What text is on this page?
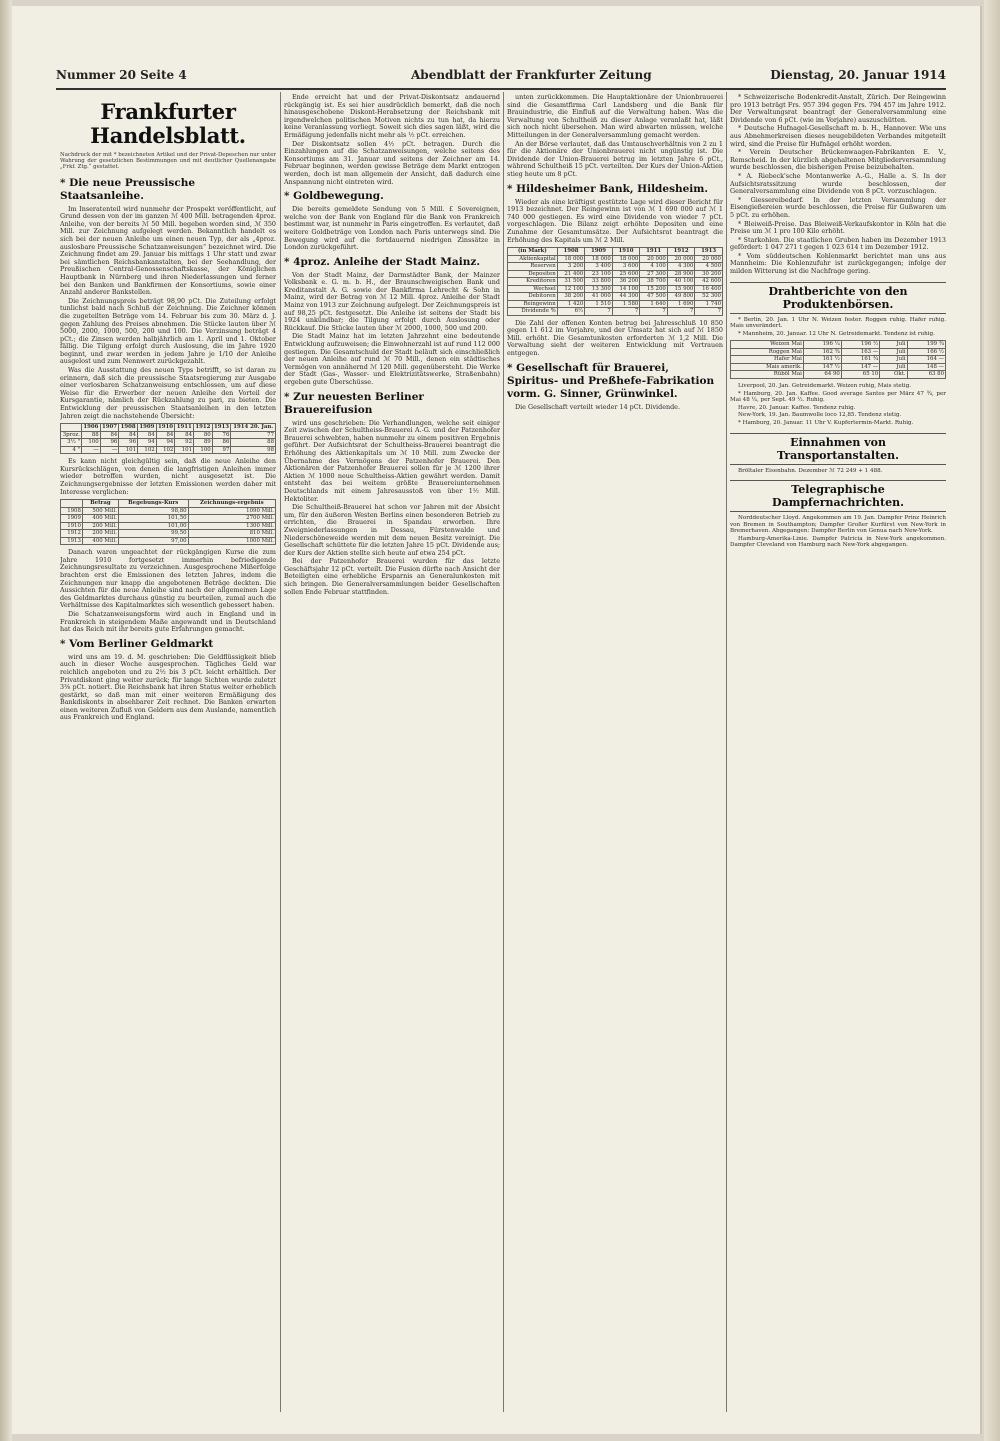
Nummer 20 Seite 4	Abendblatt der Frankfurter Zeitung	Dienstag, 20. Januar 1914
Frankfurter Handelsblatt.
Nachdruck der mit * bezeichneten Artikel und der Privat-Depeschen nur unter Wahrung der gesetzlichen Bestimmungen und mit deutlicher Quellenangabe „Frkf. Ztg.“ gestattet.
* Die neue Preussische Staatsanleihe.

Im Inseratenteil wird nunmehr der Prospekt veröffentlicht, auf Grund dessen von der im ganzen ℳ 400 Mill. betragenden 4proz. Anleihe, von der bereits ℳ 50 Mill. begeben worden sind, ℳ 350 Mill. zur Zeichnung aufgelegt werden. Bekanntlich handelt es sich bei der neuen Anleihe um einen neuen Typ, der als „4proz. auslosbare Preussische Schatzanweisungen“ bezeichnet wird. Die Zeichnung findet am 29. Januar bis mittags 1 Uhr statt und zwar bei sämtlichen Reichsbankanstalten, bei der Seehandlung, der Preußischen Central-Genossenschaftskasse, der Königlichen Hauptbank in Nürnberg und ihren Niederlassungen und ferner bei den Banken und Bankfirmen der Konsortiums, sowie einer Anzahl anderer Bankstellen.

Die Zeichnungspreis beträgt 98,90 pCt. Die Zuteilung erfolgt tunlichst bald nach Schluß der Zeichnung. Die Zeichner können die zugeteilten Beträge vom 14. Februar bis zum 30. März d. J. gegen Zahlung des Preises abnehmen. Die Stücke lauten über ℳ 5000, 2000, 1000, 500, 200 und 100. Die Verzinsung beträgt 4 pCt.; die Zinsen werden halbjährlich am 1. April und 1. Oktober fällig. Die Tilgung erfolgt durch Auslosung, die im Jahre 1920 beginnt, und zwar werden in jedem Jahre je 1/10 der Anleihe ausgelost und zum Nennwert zurückgezahlt.

Was die Ausstattung des neuen Typs betrifft, so ist daran zu erinnern, daß sich die preussische Staatsregierung zur Ausgabe einer verlosbaren Schatzanweisung entschlossen, um auf diese Weise für die Erwerber der neuen Anleihe den Vorteil der Kursgarantie, nämlich der Rückzahlung zu pari, zu bieten. Die Entwicklung der preussischen Staatsanleihen in den letzten Jahren zeigt die nachstehende Übersicht:

	1906	1907	1908	1909	1910	1911	1912	1913	1914 20. Jan.
3proz.	88	84	84	84	84	84	80	76	77
3½ "	100	96	96	94	94	92	89	86	88
4 "	—	—	101	102	102	101	100	97	98

Es kann nicht gleichgültig sein, daß die neue Anleihe den Kursrückschlägen, von denen die langfristigen Anleihen immer wieder betroffen wurden, nicht ausgesetzt ist. Die Zeichnungsergebnisse der letzten Emissionen werden daher mit Interesse verglichen:

	Betrag	Begebungs-Kurs	Zeichnungs-ergebnis
1908	500 Mill.	98,80	1090 Mill.
1909	400 Mill.	101,50	2700 Mill.
1910	200 Mill.	101,00	1300 Mill.
1912	200 Mill.	99,50	810 Mill.
1913	400 Mill.	97,00	1000 Mill.

Danach waren ungeachtet der rückgängigen Kurse die zum Jahre 1910 fortgesetzt immerhin befriedigende Zeichnungsresultate zu verzeichnen. Ausgesprochene Mißerfolge brachten erst die Emissionen des letzten Jahres, indem die Zeichnungen nur knapp die angebotenen Beträge deckten. Die Aussichten für die neue Anleihe sind nach der allgemeinen Lage des Geldmarktes durchaus günstig zu beurteilen, zumal auch die Verhältnisse des Kapitalmarktes sich wesentlich gebessert haben.

Die Schatzanweisungsform wird auch in England und in Frankreich in steigendem Maße angewandt und in Deutschland hat das Reich mit ihr bereits gute Erfahrungen gemacht.

* Vom Berliner Geldmarkt

wird uns am 19. d. M. geschrieben: Die Geldflüssigkeit blieb auch in dieser Woche ausgesprochen. Tägliches Geld war reichlich angeboten und zu 2½ bis 3 pCt. leicht erhältlich. Der Privatdiskont ging weiter zurück; für lange Sichten wurde zuletzt 3⅜ pCt. notiert. Die Reichsbank hat ihren Status weiter erheblich gestärkt, so daß man mit einer weiteren Ermäßigung des Bankdiskonts in absehbarer Zeit rechnet. Die Banken erwarten einen weiteren Zufluß von Geldern aus dem Auslande, namentlich aus Frankreich und England.

Ende erreicht hat und der Privat-Diskontsatz andauernd rückgängig ist. Es sei hier ausdrücklich bemerkt, daß die noch hinausgeschobene Diskont-Herabsetzung der Reichsbank mit irgendwelchen politischen Motiven nichts zu tun hat, da hierzu keine Veranlassung vorliegt. Soweit sich dies sagen läßt, wird die Ermäßigung jedenfalls nicht mehr als ½ pCt. erreichen.

Der Diskontsatz sollen 4½ pCt. betragen. Durch die Einzahlungen auf die Schatzanweisungen, welche seitens des Konsortiums am 31. Januar und seitens der Zeichner am 14. Februar beginnen, werden gewisse Beträge dem Markt entzogen werden, doch ist man allgemein der Ansicht, daß dadurch eine Anspannung nicht eintreten wird.

* Goldbewegung.

Die bereits gemeldete Sendung von 5 Mill. £ Sovereignen, welche von der Bank von England für die Bank von Frankreich bestimmt war, ist nunmehr in Paris eingetroffen. Es verlautet, daß weitere Goldbeträge von London nach Paris unterwegs sind. Die Bewegung wird auf die fortdauernd niedrigen Zinssätze in London zurückgeführt.

* 4proz. Anleihe der Stadt Mainz.

Von der Stadt Mainz, der Darmstädter Bank, der Mainzer Volksbank e. G. m. b. H., der Braunschweigischen Bank und Kreditanstalt A. G. sowie der Bankfirma Lehrecht & Sohn in Mainz, wird der Betrag von ℳ 12 Mill. 4proz. Anleihe der Stadt Mainz von 1913 zur Zeichnung aufgelegt. Der Zeichnungspreis ist auf 98,25 pCt. festgesetzt. Die Anleihe ist seitens der Stadt bis 1924 unkündbar; die Tilgung erfolgt durch Auslosung oder Rückkauf. Die Stücke lauten über ℳ 2000, 1000, 500 und 200.

Die Stadt Mainz hat im letzten Jahrzehnt eine bedeutende Entwicklung aufzuweisen; die Einwohnerzahl ist auf rund 112 000 gestiegen. Die Gesamtschuld der Stadt beläuft sich einschließlich der neuen Anleihe auf rund ℳ 70 Mill., denen ein städtisches Vermögen von annähernd ℳ 120 Mill. gegenübersteht. Die Werke der Stadt (Gas-, Wasser- und Elektrizitätswerke, Straßenbahn) ergeben gute Überschüsse.

* Zur neuesten Berliner Brauereifusion

wird uns geschrieben: Die Verhandlungen, welche seit einiger Zeit zwischen der Schultheiss-Brauerei A.-G. und der Patzenhofer Brauerei schwebten, haben nunmehr zu einem positiven Ergebnis geführt. Der Aufsichtsrat der Schultheiss-Brauerei beantragt die Erhöhung des Aktienkapitals um ℳ 10 Mill. zum Zwecke der Übernahme des Vermögens der Patzenhofer Brauerei. Den Aktionären der Patzenhofer Brauerei sollen für je ℳ 1200 ihrer Aktien ℳ 1000 neue Schultheiss-Aktien gewährt werden. Damit entsteht das bei weitem größte Brauereiunternehmen Deutschlands mit einem Jahresausstoß von über 1½ Mill. Hektoliter.

Die Schultheiß-Brauerei hat schon vor Jahren mit der Absicht um, für den äußeren Westen Berlins einen besonderen Betrieb zu errichten, die Brauerei in Spandau erworben. Ihre Zweigniederlassungen in Dessau, Fürstenwalde und Niederschöneweide werden mit dem neuen Besitz vereinigt. Die Gesellschaft schüttete für die letzten Jahre 15 pCt. Dividende aus; der Kurs der Aktien stellte sich heute auf etwa 254 pCt.

Bei der Patzenhofer Brauerei wurden für das letzte Geschäftsjahr 12 pCt. verteilt. Die Fusion dürfte nach Ansicht der Beteiligten eine erhebliche Ersparnis an Generalunkosten mit sich bringen. Die Generalversammlungen beider Gesellschaften sollen Ende Februar stattfinden.

unten zurückkommen. Die Hauptaktionäre der Unionbrauerei sind die Gesamtfirma Carl Landsberg und die Bank für Brauindustrie, die Einfluß auf die Verwaltung haben. Was die Verwaltung von Schultheiß zu dieser Anlage veranlaßt hat, läßt sich noch nicht übersehen. Man wird abwarten müssen, welche Mitteilungen in der Generalversammlung gemacht werden.

An der Börse verlautet, daß das Umtauschverhältnis von 2 zu 1 für die Aktionäre der Unionbrauerei nicht ungünstig ist. Die Dividende der Union-Brauerei betrug im letzten Jahre 6 pCt., während Schultheiß 15 pCt. verteilten. Der Kurs der Union-Aktien stieg heute um 8 pCt.

* Hildesheimer Bank, Hildesheim.

Wieder als eine kräftigst gestützte Lage wird dieser Bericht für 1913 bezeichnet. Der Reingewinn ist von ℳ 1 690 000 auf ℳ 1 740 000 gestiegen. Es wird eine Dividende von wieder 7 pCt. vorgeschlagen. Die Bilanz zeigt erhöhte Depositen und eine Zunahme der Gesamtumsätze. Der Aufsichtsrat beantragt die Erhöhung des Kapitals um ℳ 2 Mill.

(in Mark)	1908	1909	1910	1911	1912	1913
Aktienkapital	18 000	18 000	18 000	20 000	20 000	20 000
Reserven	3 200	3 400	3 600	4 100	4 300	4 500
Depositen	21 400	23 100	25 600	27 300	28 900	30 200
Kreditoren	31 500	33 800	36 200	38 700	40 100	42 600
Wechsel	12 100	13 300	14 100	15 200	15 900	16 400
Debitoren	38 200	41 000	44 300	47 500	49 800	52 300
Reingewinn	1 420	1 510	1 580	1 640	1 690	1 740
Dividende %	6½	7	7	7	7	7

Die Zahl der offenen Konten betrug bei Jahresschluß 10 850 gegen 11 612 im Vorjahre, und der Umsatz hat sich auf ℳ 1850 Mill. erhöht. Die Gesamtunkosten erforderten ℳ 1,2 Mill. Die Verwaltung sieht der weiteren Entwicklung mit Vertrauen entgegen.

* Gesellschaft für Brauerei, Spiritus- und Preßhefe-Fabrikation vorm. G. Sinner, Grünwinkel.

Die Gesellschaft verteilt wieder 14 pCt. Dividende.

* Schweizerische Bodenkredit-Anstalt, Zürich. Der Reingewinn pro 1913 beträgt Frs. 957 394 gegen Frs. 794 457 im Jahre 1912. Der Verwaltungsrat beantragt der Generalversammlung eine Dividende von 6 pCt. (wie im Vorjahre) auszuschütten.

* Deutsche Hufnagel-Gesellschaft m. b. H., Hannover. Wie uns aus Abnehmerkreisen dieses neugebildeten Verbandes mitgeteilt wird, sind die Preise für Hufnägel erhöht worden.

* Verein Deutscher Brückenwaagen-Fabrikanten E. V., Remscheid. In der kürzlich abgehaltenen Mitgliederversammlung wurde beschlossen, die bisherigen Preise beizubehalten.

* A. Riebeck'sche Montanwerke A.-G., Halle a. S. In der Aufsichtsratssitzung wurde beschlossen, der Generalversammlung eine Dividende von 8 pCt. vorzuschlagen.

* Giessereibedarf. In der letzten Versammlung der Eisengießereien wurde beschlossen, die Preise für Gußwaren um 5 pCt. zu erhöhen.

* Bleiweiß-Preise. Das Bleiweiß-Verkaufskontor in Köln hat die Preise um ℳ 1 pro 100 Kilo erhöht.

* Starkohlen. Die staatlichen Gruben haben im Dezember 1913 gefördert: 1 047 271 t gegen 1 023 614 t im Dezember 1912.

* Vom süddeutschen Kohlenmarkt berichtet man uns aus Mannheim: Die Kohlenzufuhr ist zurückgegangen; infolge der milden Witterung ist die Nachfrage gering.

Drahtberichte von den Produktenbörsen.

* Berlin, 20. Jan. 1 Uhr N. Weizen fester. Roggen ruhig. Hafer ruhig. Mais unverändert.

* Mannheim, 20. Januar. 12 Uhr N. Getreidemarkt. Tendenz ist ruhig.

Weizen Mai	196 ¼	196 ½	Juli	199 ¾
Roggen Mai	162 ¾	163 —	Juli	166 ½
Hafer Mai	161 ½	161 ¾	Juli	164 —
Mais amerik.	147 ½	147 —	Juli	148 —
Rüböl Mai	64 90	65 10	Okt.	63 80

Liverpool, 20. Jan. Getreidemarkt. Weizen ruhig, Mais stetig.

* Hamburg, 20. Jan. Kaffee. Good average Santos per März 47 ¾, per Mai 48 ¼, per Sept. 49 ½. Ruhig.

Havre, 20. Januar. Kaffee. Tendenz ruhig.

New-York, 19. Jan. Baumwolle loco 12,85. Tendenz stetig.

* Hamburg, 20. Januar. 11 Uhr V. Kupfertermin-Markt. Ruhig.

Einnahmen von Transportanstalten.

Bröltaler Eisenbahn. Dezember ℳ 72 249 + 1 488.

Telegraphische Dampfernachrichten.

Norddeutscher Lloyd. Angekommen am 19. Jan. Dampfer Prinz Heinrich von Bremen in Southampton; Dampfer Großer Kurfürst von New-York in Bremerhaven. Abgegangen: Dampfer Berlin von Genua nach New-York.

Hamburg-Amerika-Linie. Dampfer Patricia in New-York angekommen. Dampfer Cleveland von Hamburg nach New-York abgegangen.
